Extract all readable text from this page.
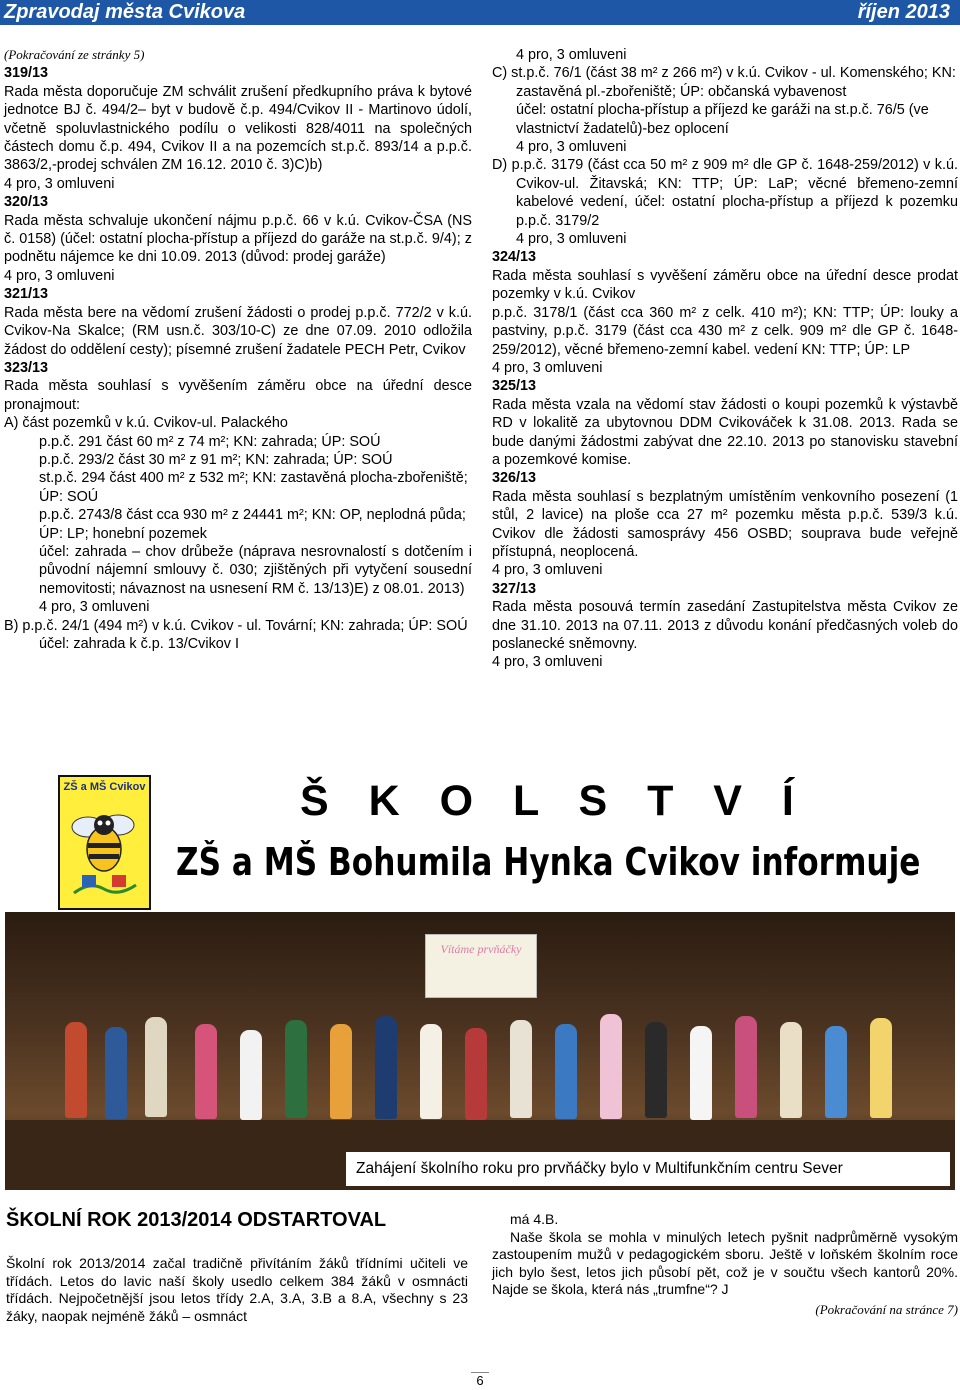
Zpravodaj města Cvikova	říjen 2013

(Pokračování ze stránky 5)

319/13

Rada města doporučuje ZM schválit zrušení předkupního práva k bytové jednotce BJ č. 494/2– byt v budově č.p. 494/Cvikov II - Martinovo údolí, včetně spoluvlastnického podílu o velikosti 828/4011 na společných částech domu č.p. 494, Cvikov II a na pozemcích st.p.č. 893/14 a p.p.č. 3863/2,-prodej schválen ZM 16.12. 2010 č. 3)C)b)

4 pro, 3 omluveni

320/13

Rada města schvaluje ukončení nájmu p.p.č. 66 v k.ú. Cvikov-ČSA (NS č. 0158) (účel: ostatní plocha-přístup a příjezd do garáže na st.p.č. 9/4); z podnětu nájemce ke dni 10.09. 2013 (důvod: prodej garáže)

4 pro, 3 omluveni

321/13

Rada města bere na vědomí zrušení žádosti o prodej p.p.č. 772/2 v k.ú. Cvikov-Na Skalce; (RM usn.č. 303/10-C) ze dne 07.09. 2010 odložila žádost do oddělení cesty); písemné zrušení žadatele PECH Petr, Cvikov

323/13

Rada města souhlasí s vyvěšením záměru obce na úřední desce pronajmout:

A) část pozemků v k.ú. Cvikov-ul. Palackého

p.p.č. 291 část 60 m² z 74 m²; KN: zahrada; ÚP: SOÚ

p.p.č. 293/2 část 30 m² z 91 m²; KN: zahrada; ÚP: SOÚ

st.p.č. 294 část 400 m² z 532 m²; KN: zastavěná plocha-zbořeniště; ÚP: SOÚ

p.p.č. 2743/8 část cca 930 m² z 24441 m²; KN: OP, neplodná půda; ÚP: LP; honební pozemek

účel: zahrada – chov drůbeže (náprava nesrovnalostí s dotčením i původní nájemní smlouvy č. 030; zjištěných při vytyčení sousední nemovitosti; návaznost na usnesení RM č. 13/13)E) z 08.01. 2013)

4 pro, 3 omluveni

B) p.p.č. 24/1 (494 m²) v k.ú. Cvikov - ul. Tovární; KN: zahrada; ÚP: SOÚ účel: zahrada k č.p. 13/Cvikov I

4 pro, 3 omluveni

C) st.p.č. 76/1 (část 38 m² z 266 m²) v k.ú. Cvikov - ul. Komenského; KN: zastavěná pl.-zbořeniště; ÚP: občanská vybavenost

účel: ostatní plocha-přístup a příjezd ke garáži na st.p.č. 76/5 (ve vlastnictví žadatelů)-bez oplocení

4 pro, 3 omluveni

D) p.p.č. 3179 (část cca 50 m² z 909 m² dle GP č. 1648-259/2012) v k.ú. Cvikov-ul. Žitavská; KN: TTP; ÚP: LaP; věcné břemeno-zemní kabelové vedení, účel: ostatní plocha-přístup a příjezd k pozemku p.p.č. 3179/2

4 pro, 3 omluveni

324/13

Rada města souhlasí s vyvěšení záměru obce na úřední desce prodat pozemky v k.ú. Cvikov

p.p.č. 3178/1 (část cca 360 m² z celk. 410 m²); KN: TTP; ÚP: louky a pastviny, p.p.č. 3179 (část cca 430 m² z celk. 909 m² dle GP č. 1648-259/2012), věcné břemeno-zemní kabel. vedení KN: TTP; ÚP: LP

4 pro, 3 omluveni

325/13

Rada města vzala na vědomí stav žádosti o koupi pozemků k výstavbě RD v lokalitě za ubytovnou DDM Cvikováček k 31.08. 2013. Rada se bude danými žádostmi zabývat dne 22.10. 2013 po stanovisku stavební a pozemkové komise.

326/13

Rada města souhlasí s bezplatným umístěním venkovního posezení (1 stůl, 2 lavice) na ploše cca 27 m² pozemku města p.p.č. 539/3 k.ú. Cvikov dle žádosti samosprávy 456 OSBD; souprava bude veřejně přístupná, neoplocená.

4 pro, 3 omluveni

327/13

Rada města posouvá termín zasedání Zastupitelstva města Cvikov ze dne 31.10. 2013 na 07.11. 2013 z důvodu konání předčasných voleb do poslanecké sněmovny.

4 pro, 3 omluveni

Š K O L S T V Í
ZŠ a MŠ Cvikov
ZŠ a MŠ Bohumila Hynka Cvikov informuje
Vítáme prvňáčky
Zahájení školního roku pro prvňáčky bylo v Multifunkčním centru Sever
ŠKOLNÍ ROK 2013/2014 ODSTARTOVAL

Školní rok 2013/2014 začal tradičně přivítáním žáků třídními učiteli ve třídách. Letos do lavic naší školy usedlo celkem 384 žáků v osmnácti třídách. Nejpočetnější jsou letos třídy 2.A, 3.A, 3.B a 8.A, všechny s 23 žáky, naopak nejméně žáků – osmnáct

má 4.B.

Naše škola se mohla v minulých letech pyšnit nadprůměrně vysokým zastoupením mužů v pedagogickém sboru. Ještě v loňském školním roce jich bylo šest, letos jich působí pět, což je v součtu všech kantorů 20%. Najde se škola, která nás „trumfne“? J

(Pokračování na stránce 7)

6
